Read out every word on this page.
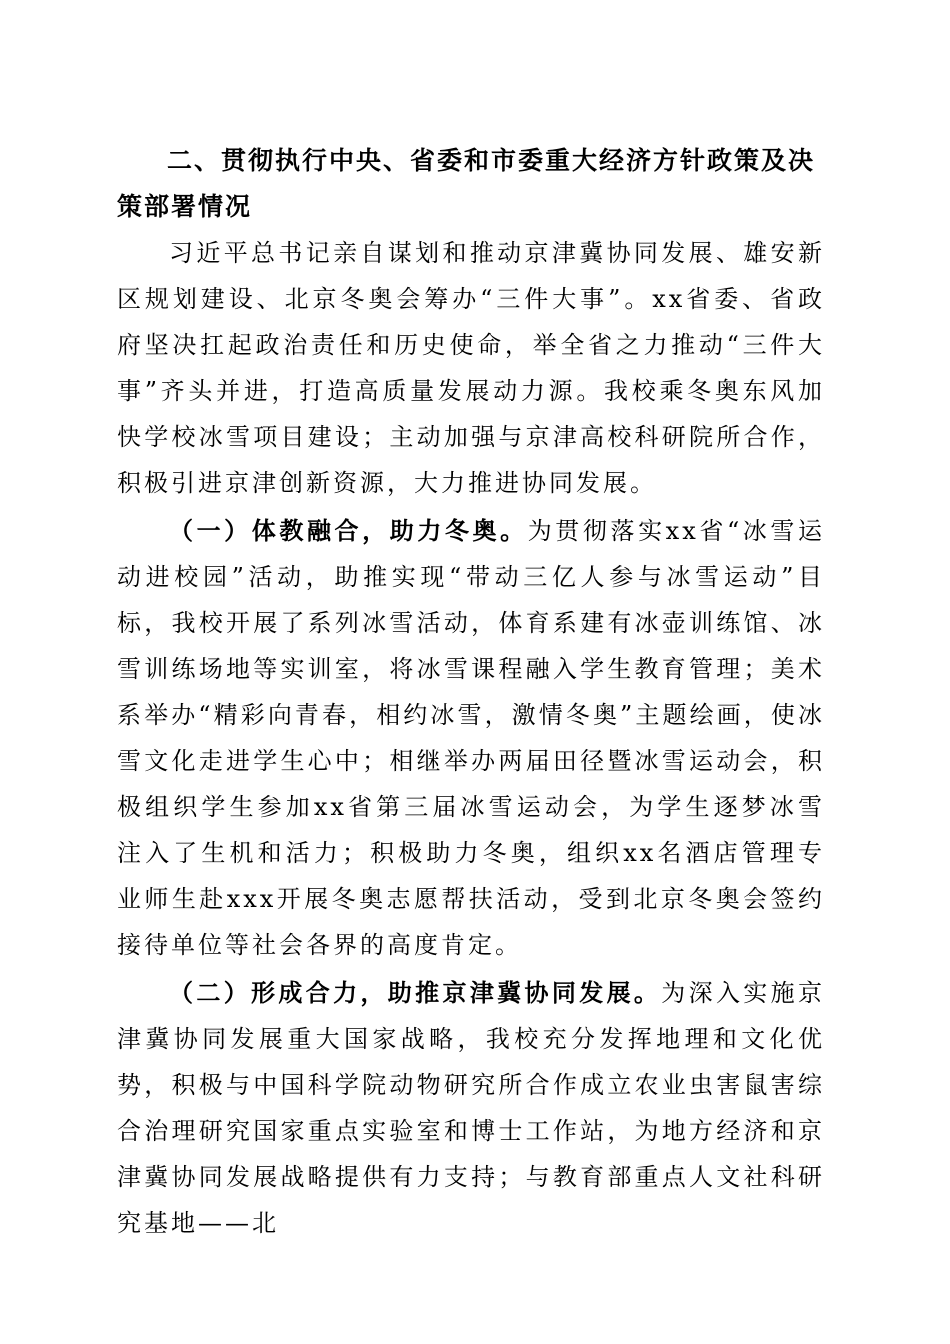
二、贯彻执行中央、省委和市委重大经济方针政策及决策部署情况

习近平总书记亲自谋划和推动京津冀协同发展、雄安新区规划建设、北京冬奥会筹办“三件大事”。xx省委、省政府坚决扛起政治责任和历史使命，举全省之力推动“三件大事”齐头并进，打造高质量发展动力源。我校乘冬奥东风加快学校冰雪项目建设；主动加强与京津高校科研院所合作，积极引进京津创新资源，大力推进协同发展。

（一）体教融合，助力冬奥。为贯彻落实xx省“冰雪运动进校园”活动，助推实现“带动三亿人参与冰雪运动”目标，我校开展了系列冰雪活动，体育系建有冰壶训练馆、冰雪训练场地等实训室，将冰雪课程融入学生教育管理；美术系举办“精彩向青春，相约冰雪，激情冬奥”主题绘画，使冰雪文化走进学生心中；相继举办两届田径暨冰雪运动会，积极组织学生参加xx省第三届冰雪运动会，为学生逐梦冰雪注入了生机和活力；积极助力冬奥，组织xx名酒店管理专业师生赴xxx开展冬奥志愿帮扶活动，受到北京冬奥会签约接待单位等社会各界的高度肯定。

（二）形成合力，助推京津冀协同发展。为深入实施京津冀协同发展重大国家战略，我校充分发挥地理和文化优势，积极与中国科学院动物研究所合作成立农业虫害鼠害综合治理研究国家重点实验室和博士工作站，为地方经济和京津冀协同发展战略提供有力支持；与教育部重点人文社科研究基地——北
